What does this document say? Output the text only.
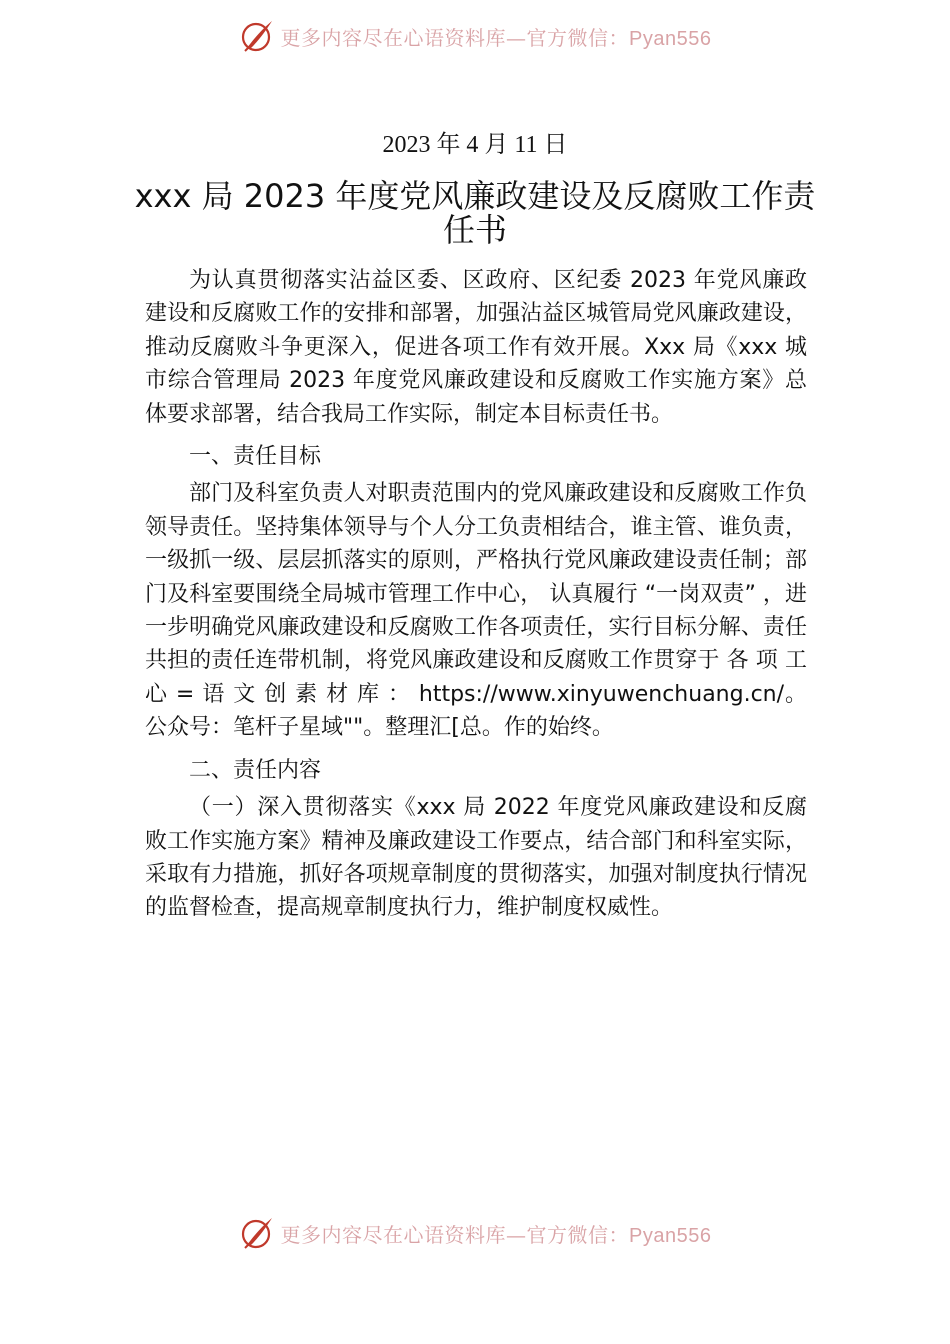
更多内容尽在心语资料库—官方微信：Pyan556
2023 年 4 月 11 日
xxx 局 2023 年度党风廉政建设及反腐败工作责任书

为认真贯彻落实沾益区委、区政府、区纪委 2023 年党风廉政建设和反腐败工作的安排和部署，加强沾益区城管局党风廉政建设，推动反腐败斗争更深入，促进各项工作有效开展。Xxx 局《xxx 城市综合管理局 2023 年度党风廉政建设和反腐败工作实施方案》总体要求部署，结合我局工作实际，制定本目标责任书。

一、责任目标

部门及科室负责人对职责范围内的党风廉政建设和反腐败工作负领导责任。坚持集体领导与个人分工负责相结合，谁主管、谁负责，一级抓一级、层层抓落实的原则，严格执行党风廉政建设责任制；部门及科室要围绕全局城市管理工作中心， 认真履行 “一岗双责” ，进一步明确党风廉政建设和反腐败工作各项责任，实行目标分解、责任共担的责任连带机制，将党风廉政建设和反腐败工作贯穿于 各 项 工 心 = 语 文 创 素 材 库 ： https://www.xinyuwenchuang.cn/。公众号：笔杆子星域""。整理汇[总。作的始终。

二、责任内容

（一）深入贯彻落实《xxx 局 2022 年度党风廉政建设和反腐败工作实施方案》精神及廉政建设工作要点，结合部门和科室实际，采取有力措施，抓好各项规章制度的贯彻落实，加强对制度执行情况的监督检查，提高规章制度执行力，维护制度权威性。

更多内容尽在心语资料库—官方微信：Pyan556
